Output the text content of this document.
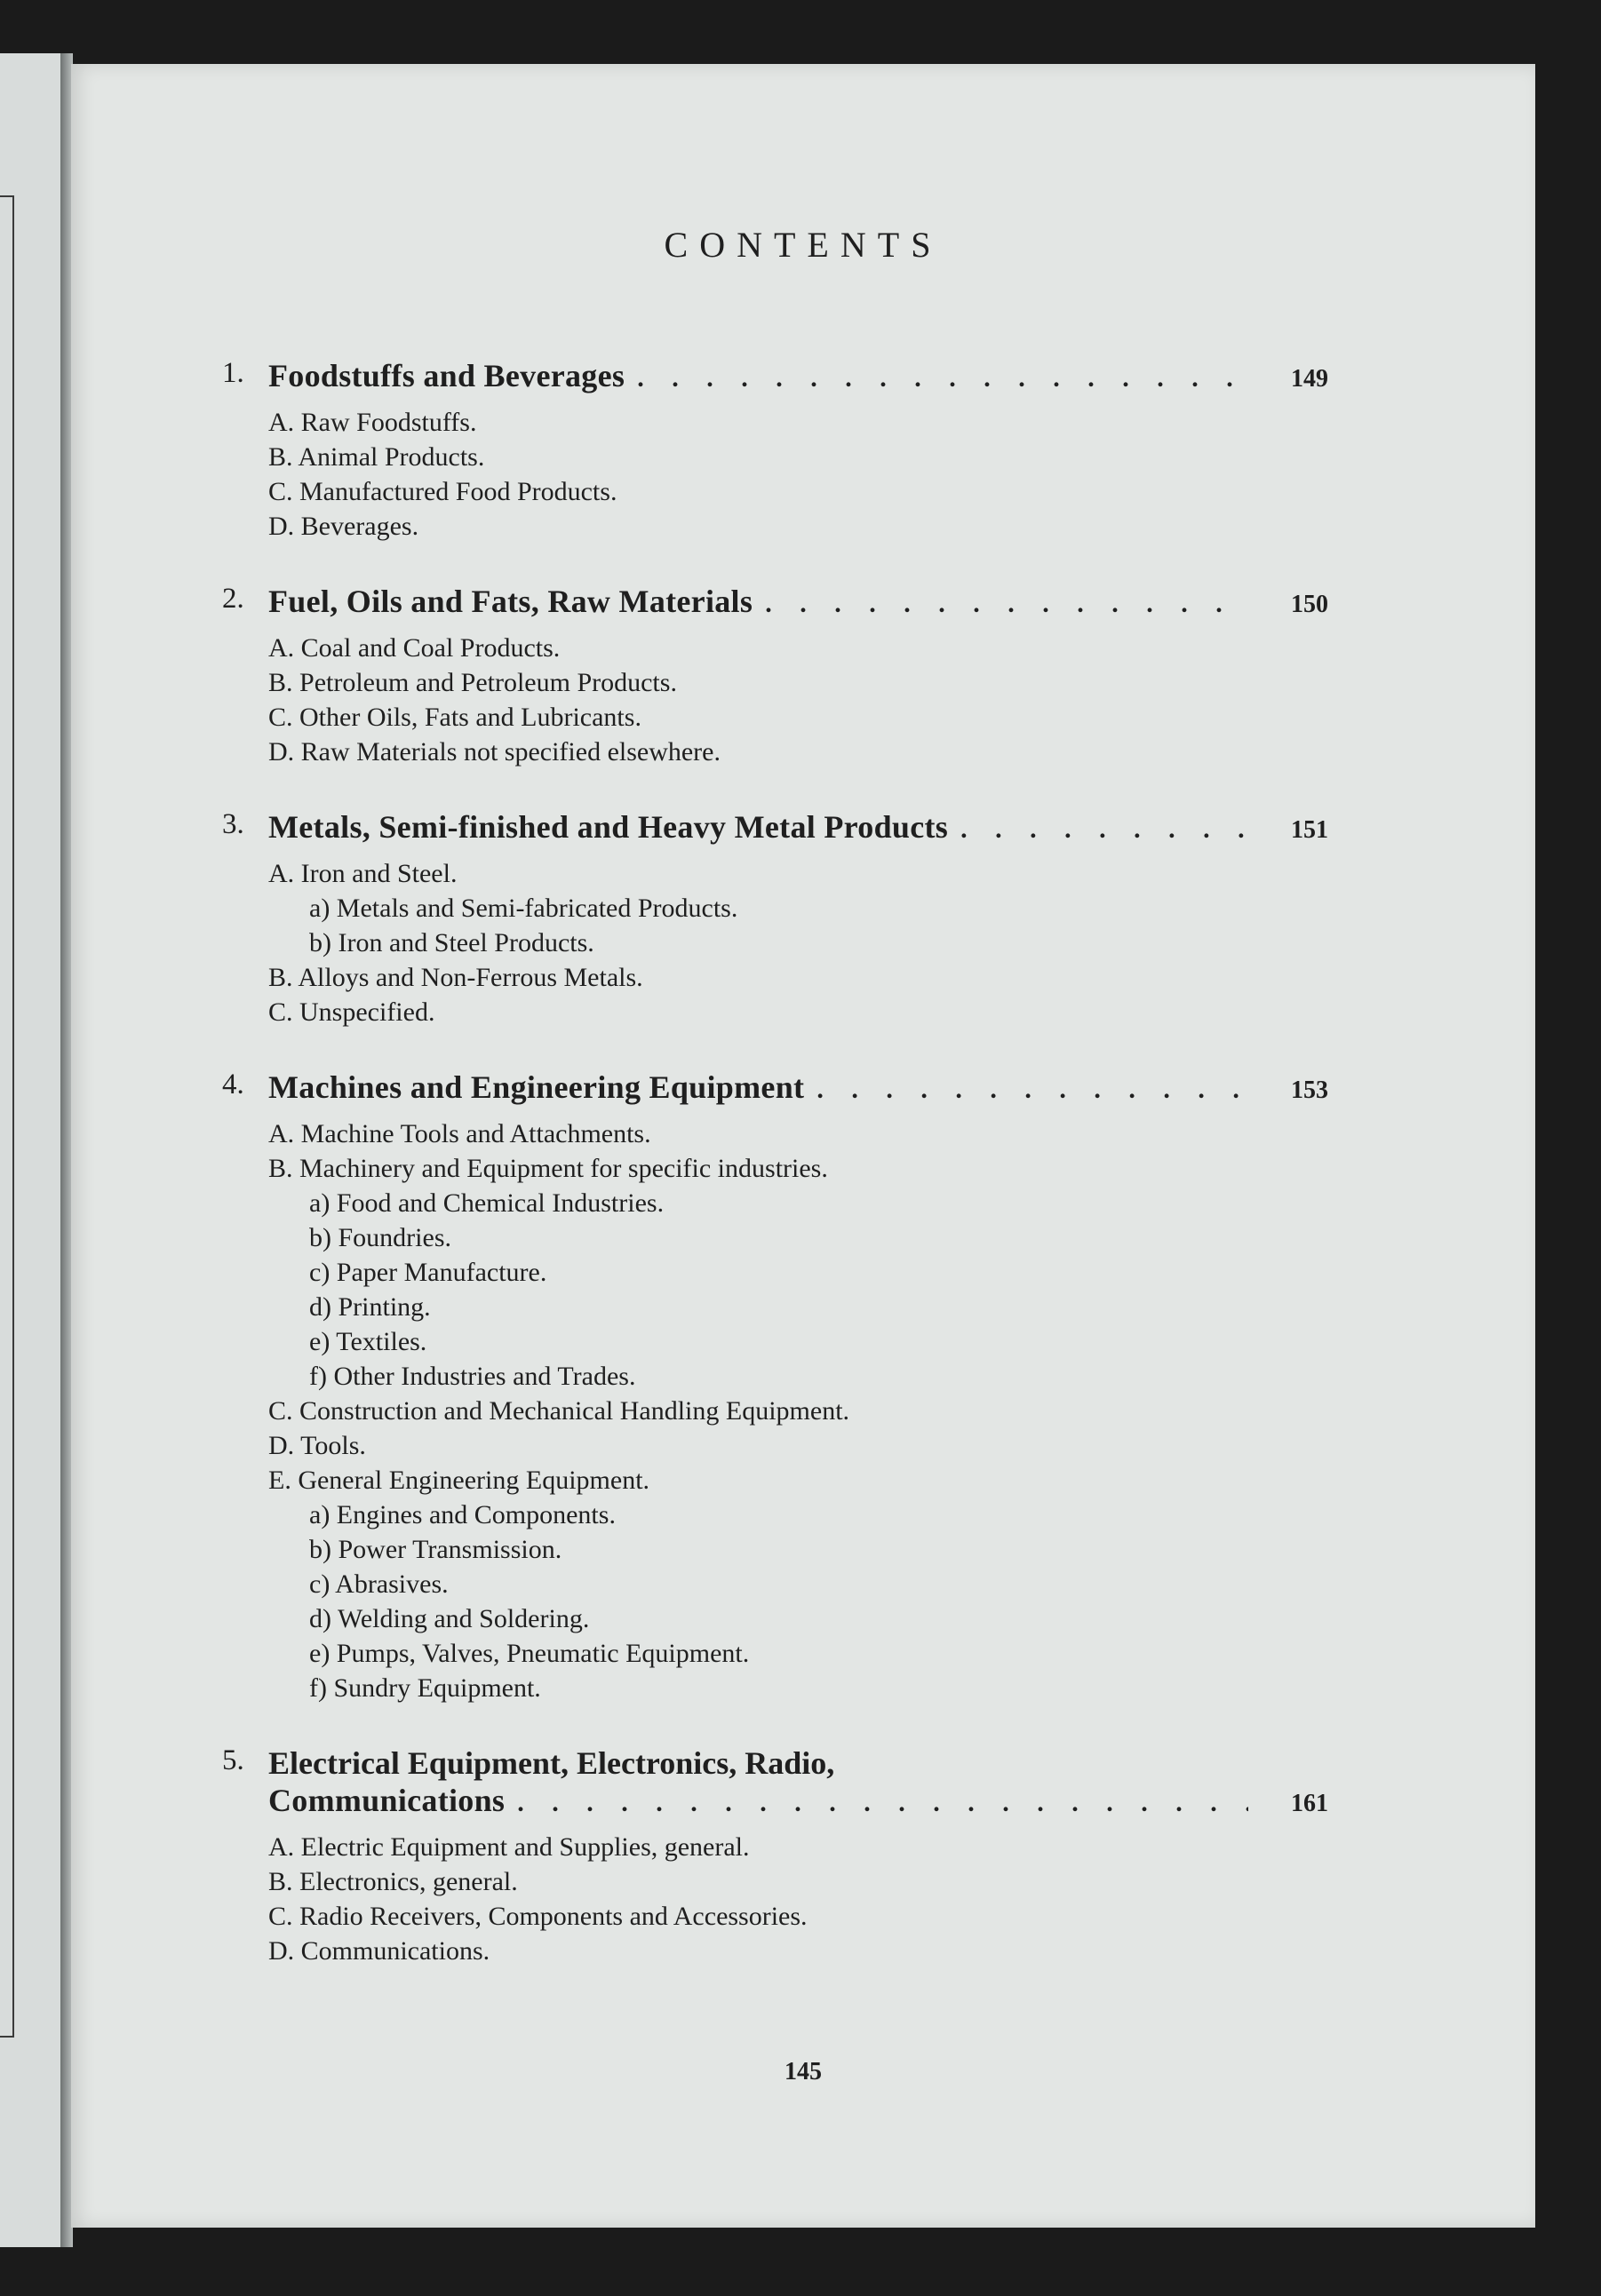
CONTENTS
1. Foodstuffs and Beverages . . .	149
A. Raw Foodstuffs.
B. Animal Products.
C. Manufactured Food Products.
D. Beverages.
2. Fuel, Oils and Fats, Raw Materials . . .	150
A. Coal and Coal Products.
B. Petroleum and Petroleum Products.
C. Other Oils, Fats and Lubricants.
D. Raw Materials not specified elsewhere.
3. Metals, Semi-finished and Heavy Metal Products . . .	151
A. Iron and Steel.
a) Metals and Semi-fabricated Products.
b) Iron and Steel Products.
B. Alloys and Non-Ferrous Metals.
C. Unspecified.
4. Machines and Engineering Equipment . . .	153
A. Machine Tools and Attachments.
B. Machinery and Equipment for specific industries.
a) Food and Chemical Industries.
b) Foundries.
c) Paper Manufacture.
d) Printing.
e) Textiles.
f) Other Industries and Trades.
C. Construction and Mechanical Handling Equipment.
D. Tools.
E. General Engineering Equipment.
a) Engines and Components.
b) Power Transmission.
c) Abrasives.
d) Welding and Soldering.
e) Pumps, Valves, Pneumatic Equipment.
f) Sundry Equipment.
5. Electrical Equipment, Electronics, Radio,
Communications . . .	161
A. Electric Equipment and Supplies, general.
B. Electronics, general.
C. Radio Receivers, Components and Accessories.
D. Communications.
145
